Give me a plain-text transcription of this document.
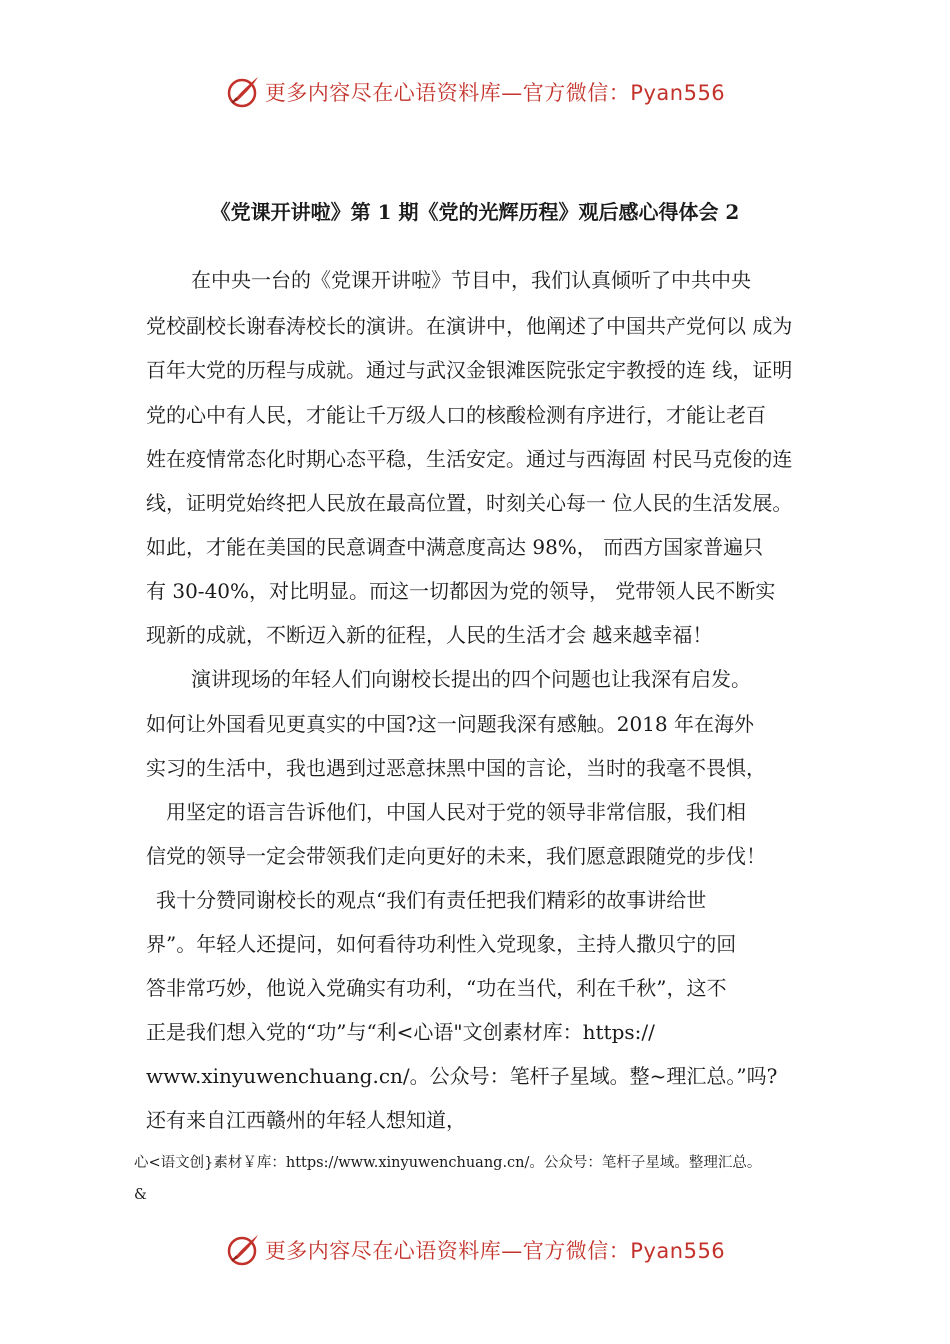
更多内容尽在心语资料库—官方微信：Pyan556
《党课开讲啦》第 1 期《党的光辉历程》观后感心得体会 2
在中央一台的《党课开讲啦》节目中，我们认真倾听了中共中央
党校副校长谢春涛校长的演讲。在演讲中，他阐述了中国共产党何以 成为
百年大党的历程与成就。通过与武汉金银滩医院张定宇教授的连 线，证明
党的心中有人民，才能让千万级人口的核酸检测有序进行，才能让老百
姓在疫情常态化时期心态平稳，生活安定。通过与西海固 村民马克俊的连
线，证明党始终把人民放在最高位置，时刻关心每一 位人民的生活发展。
如此，才能在美国的民意调查中满意度高达 98%， 而西方国家普遍只
有 30-40%，对比明显。而这一切都因为党的领导， 党带领人民不断实
现新的成就，不断迈入新的征程，人民的生活才会 越来越幸福！
演讲现场的年轻人们向谢校长提出的四个问题也让我深有启发。
如何让外国看见更真实的中国?这一问题我深有感触。2018 年在海外
实习的生活中，我也遇到过恶意抹黑中国的言论，当时的我毫不畏惧，
用坚定的语言告诉他们，中国人民对于党的领导非常信服，我们相
信党的领导一定会带领我们走向更好的未来，我们愿意跟随党的步伐！
我十分赞同谢校长的观点“我们有责任把我们精彩的故事讲给世
界”。年轻人还提问，如何看待功利性入党现象，主持人撒贝宁的回
答非常巧妙，他说入党确实有功利，“功在当代，利在千秋”，这不
正是我们想入党的“功”与“利<心语"文创素材库：https://
www.xinyuwenchuang.cn/。公众号：笔杆子星域。整~理汇总。”吗?
还有来自江西赣州的年轻人想知道，
心<语文创}素材￥库：https://www.xinyuwenchuang.cn/。公众号：笔杆子星域。整理汇总。
&
更多内容尽在心语资料库—官方微信：Pyan556
